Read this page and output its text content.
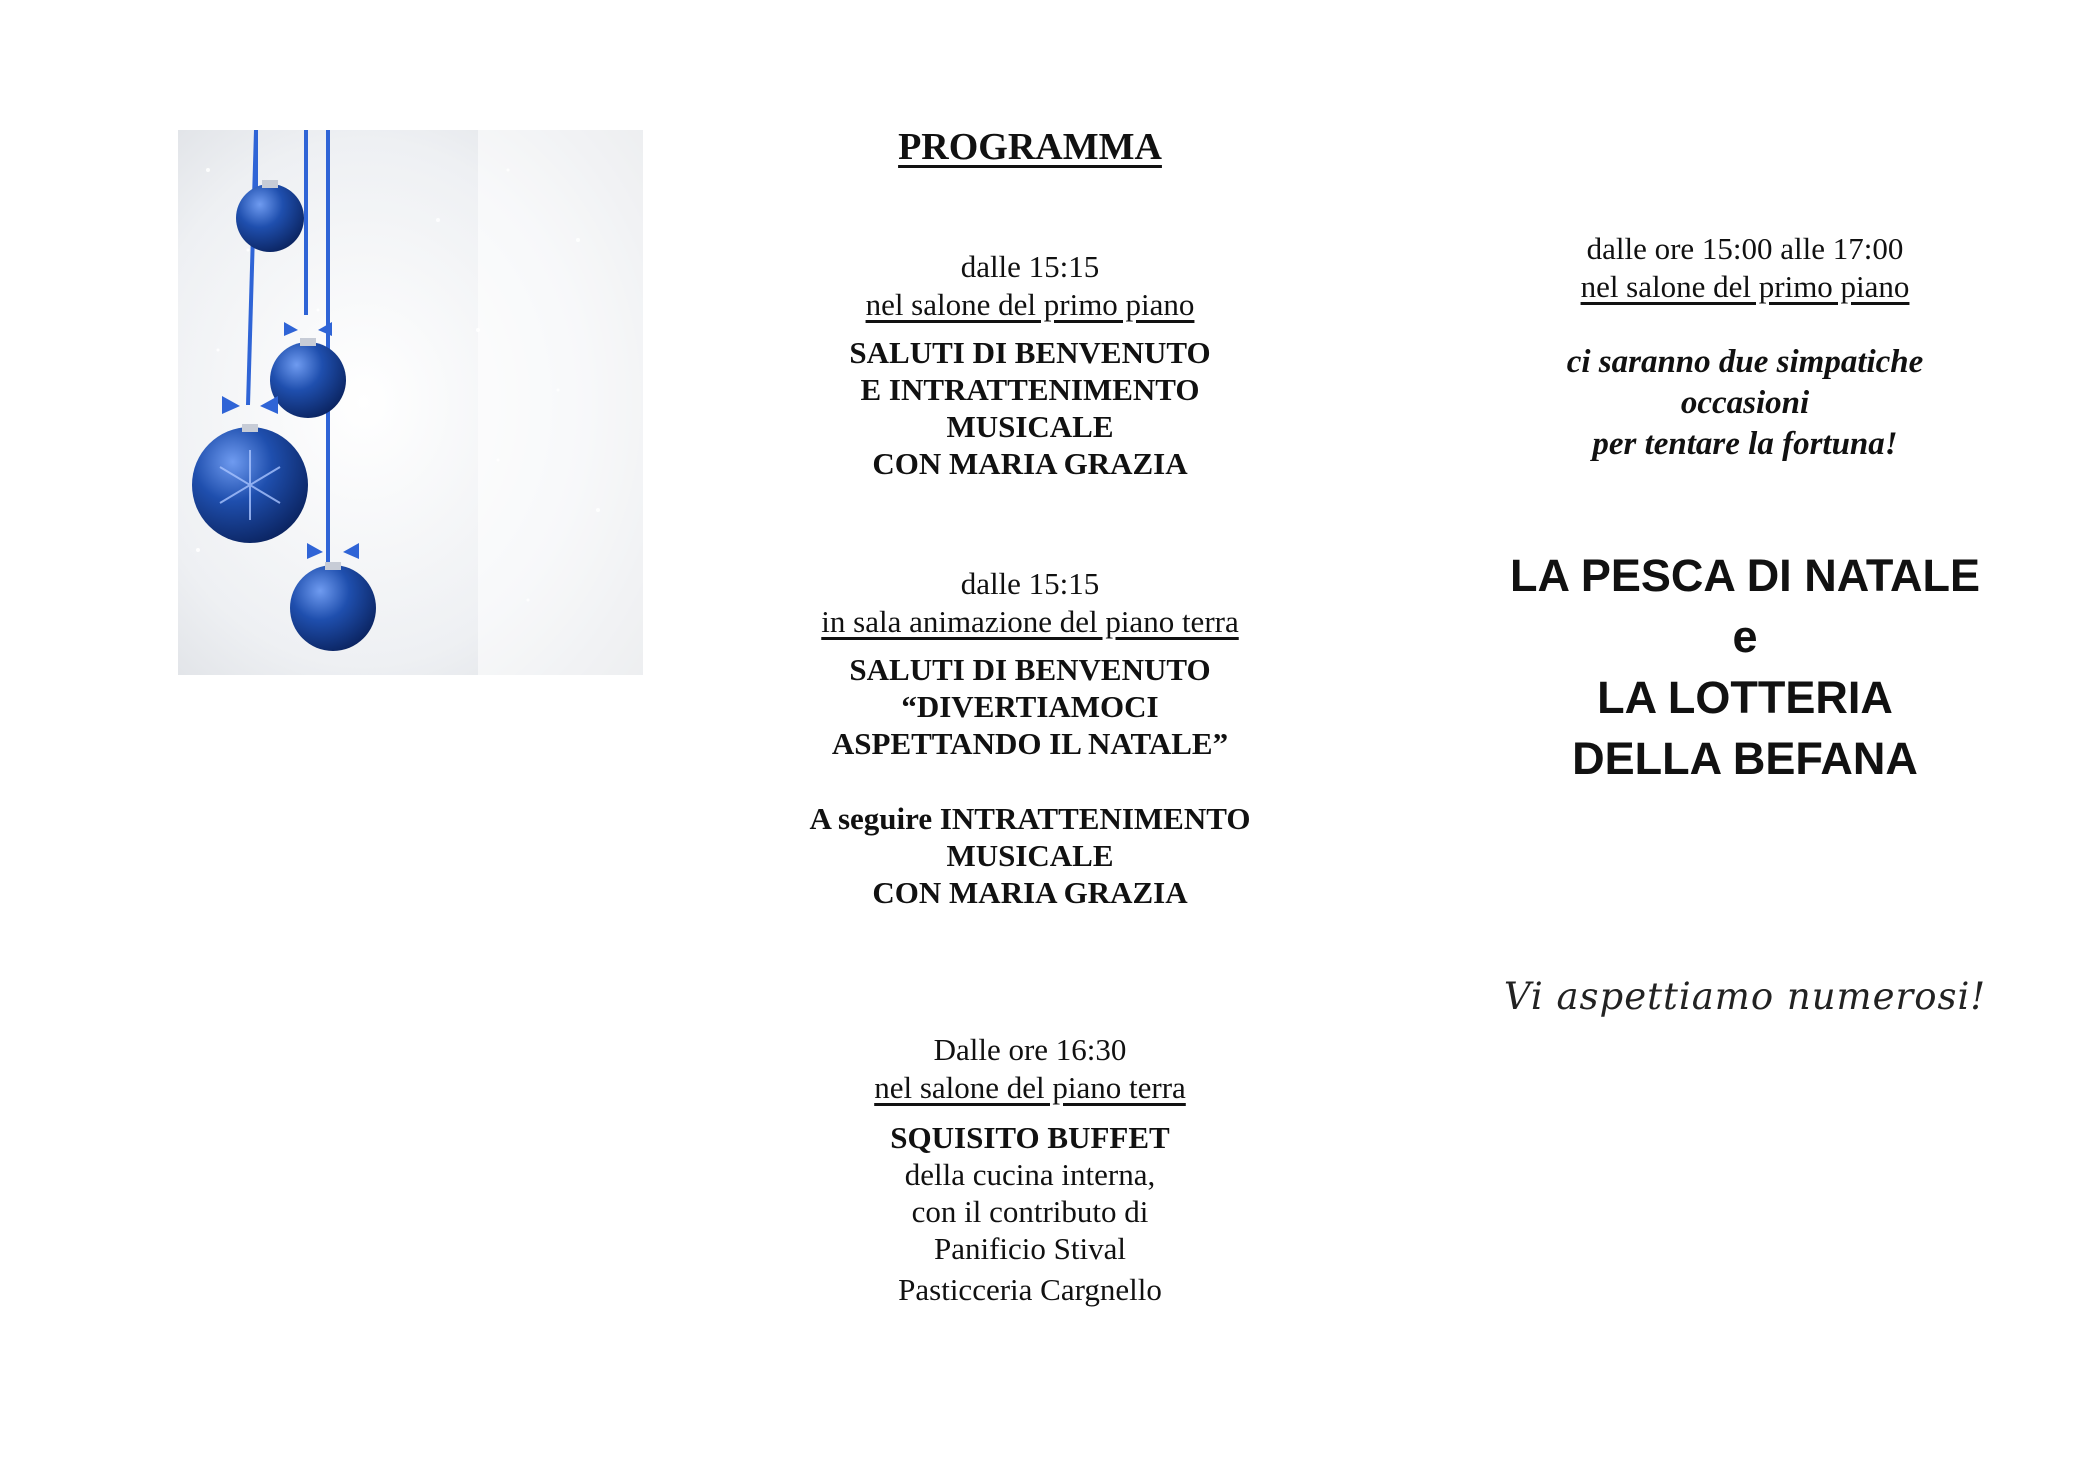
PROGRAMMA
dalle 15:15
nel salone del primo piano
SALUTI DI BENVENUTO
E INTRATTENIMENTO
MUSICALE
CON MARIA GRAZIA
dalle 15:15
in sala animazione del piano terra
SALUTI DI BENVENUTO
“DIVERTIAMOCI
ASPETTANDO IL NATALE”
A seguire INTRATTENIMENTO
MUSICALE
CON MARIA GRAZIA
Dalle ore 16:30
nel salone del piano terra
SQUISITO BUFFET
della cucina interna,
con il contributo di
Panificio Stival
Pasticceria Cargnello
dalle ore 15:00 alle 17:00
nel salone del primo piano
ci saranno due simpatiche
occasioni
per tentare la fortuna!
LA PESCA DI NATALE
e
LA LOTTERIA
DELLA BEFANA
Vi aspettiamo numerosi!
